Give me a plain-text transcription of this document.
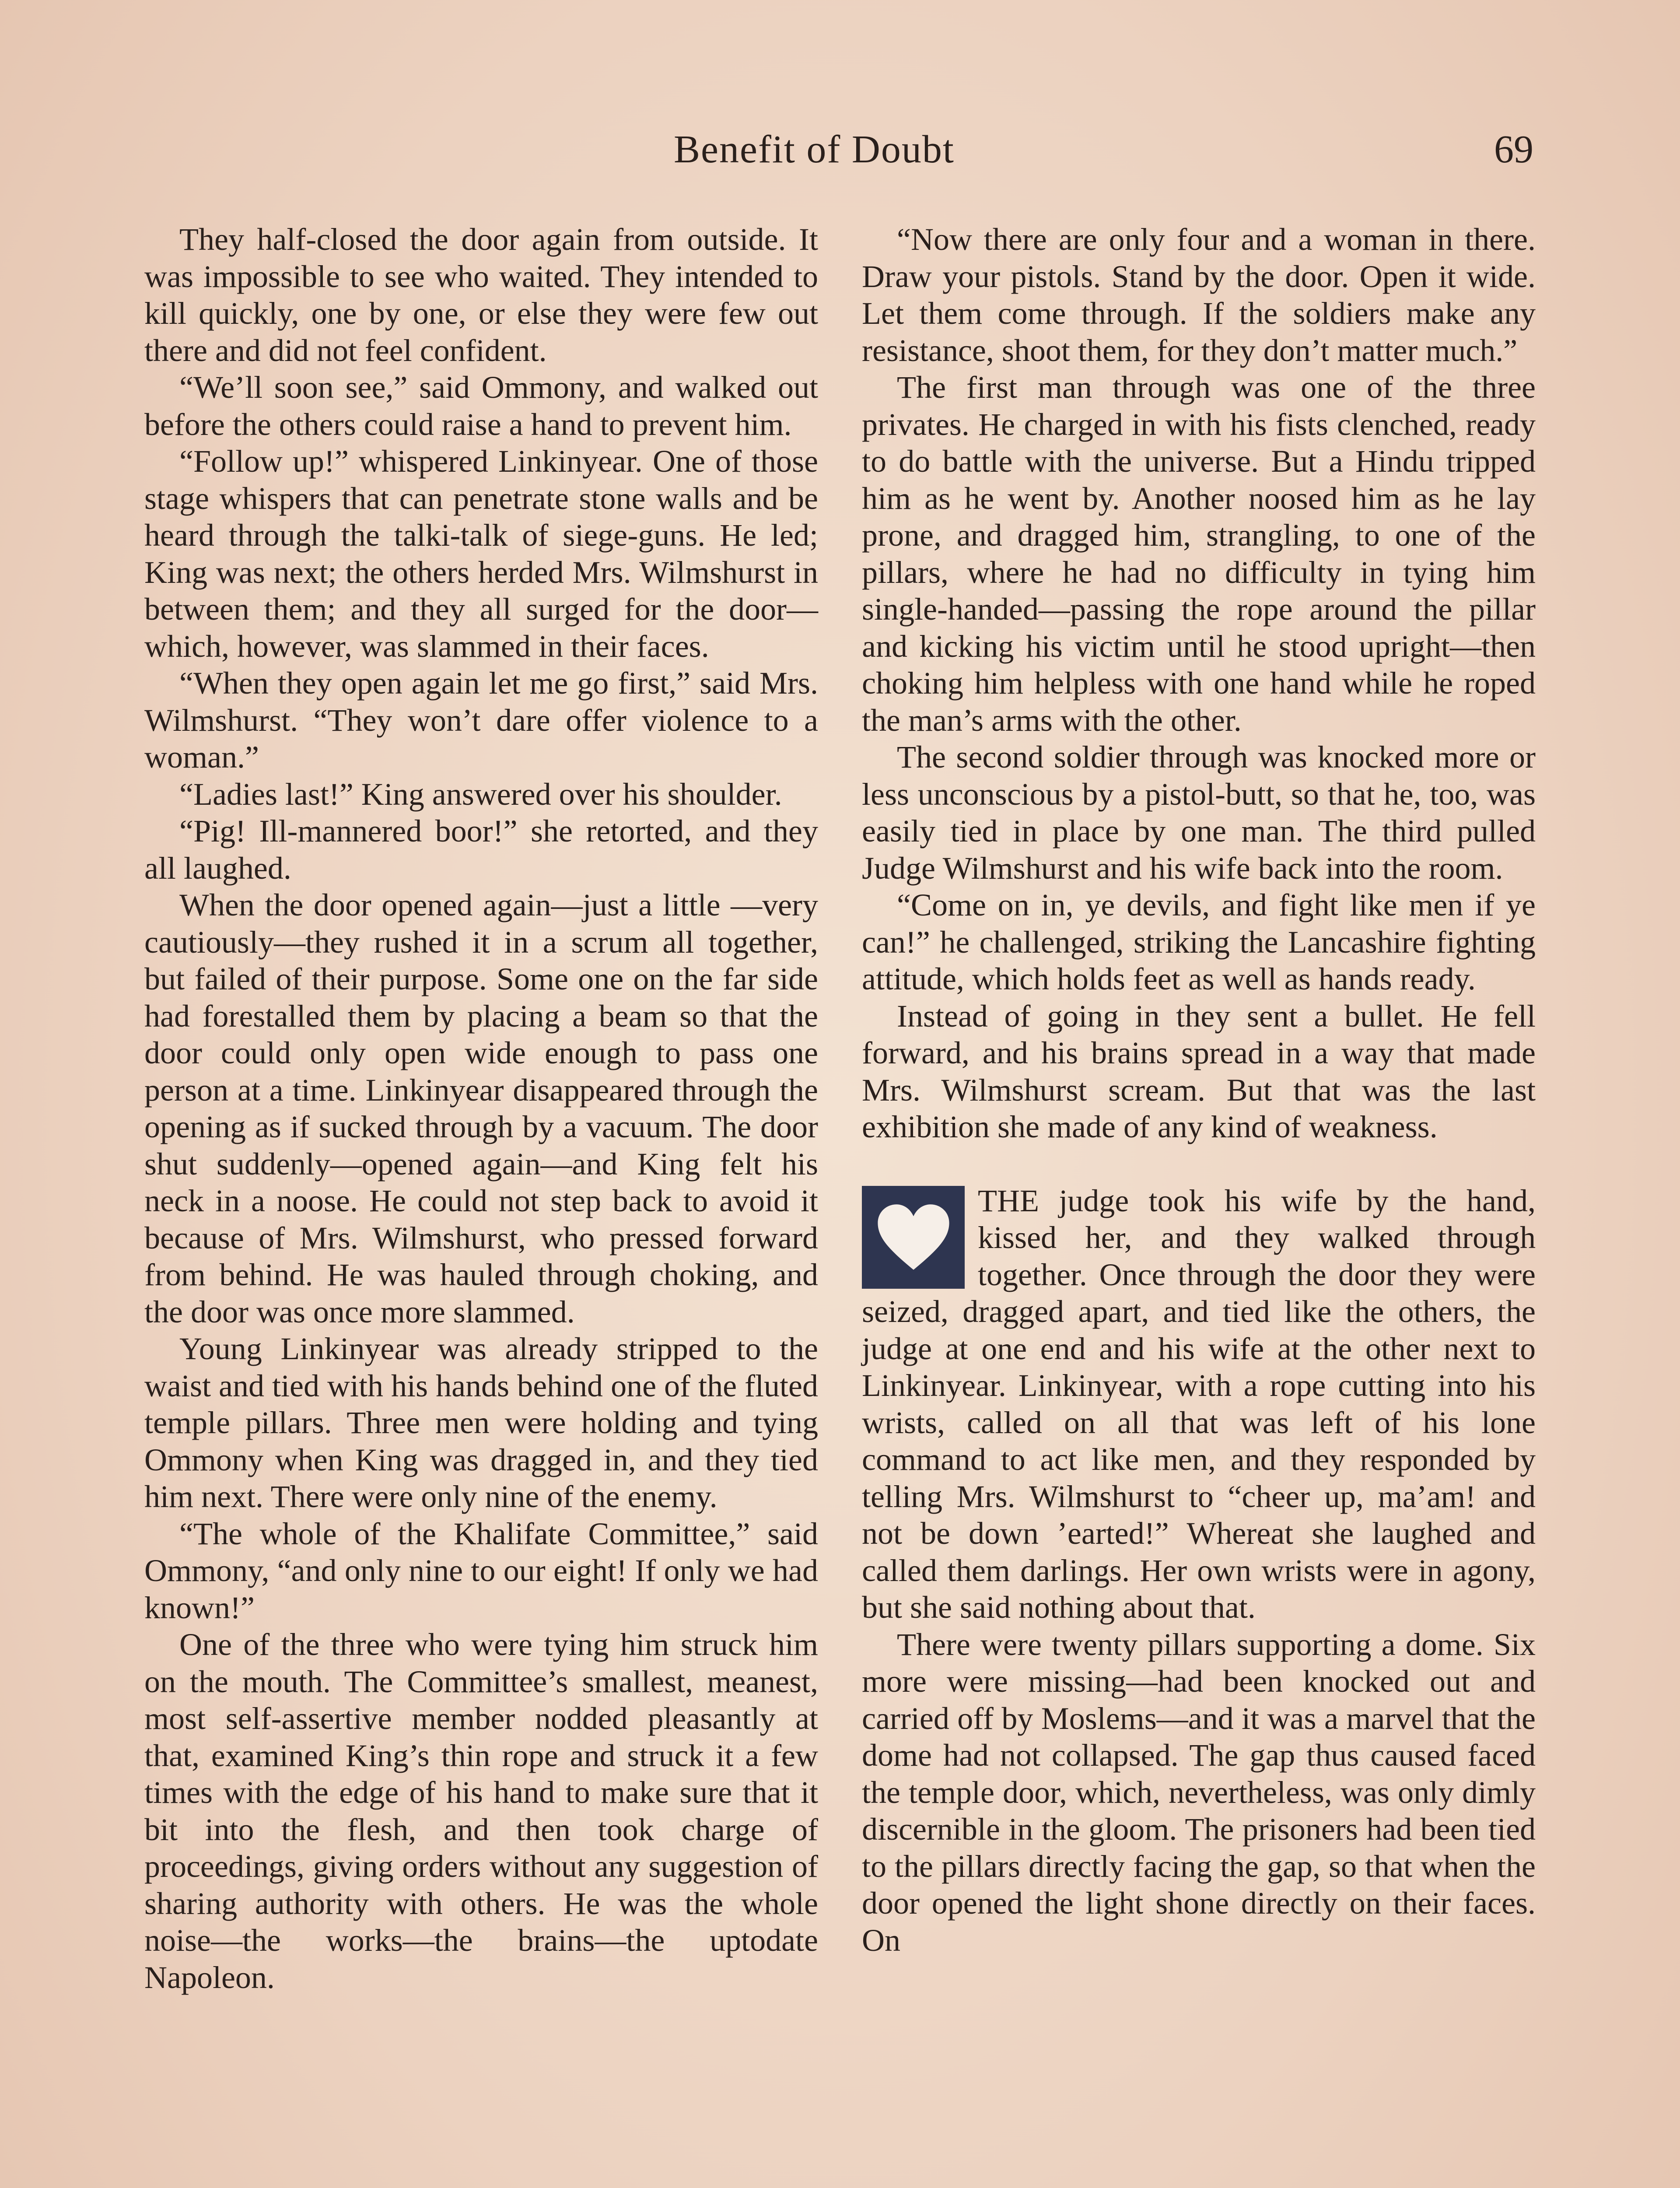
Benefit of Doubt	69

They half-closed the door again from outside. It was impossible to see who waited. They intended to kill quickly, one by one, or else they were few out there and did not feel confident.

“We’ll soon see,” said Ommony, and walked out before the others could raise a hand to prevent him.

“Follow up!” whispered Linkinyear. One of those stage whispers that can penetrate stone walls and be heard through the talki-talk of siege-guns. He led; King was next; the others herded Mrs. Wilmshurst in between them; and they all surged for the door—which, however, was slammed in their faces.

“When they open again let me go first,” said Mrs. Wilmshurst. “They won’t dare offer violence to a woman.”

“Ladies last!” King answered over his shoulder.

“Pig! Ill-mannered boor!” she retorted, and they all laughed.

When the door opened again—just a little —very cautiously—they rushed it in a scrum all together, but failed of their purpose. Some one on the far side had forestalled them by placing a beam so that the door could only open wide enough to pass one person at a time. Linkinyear disappeared through the opening as if sucked through by a vacuum. The door shut suddenly—opened again—and King felt his neck in a noose. He could not step back to avoid it because of Mrs. Wilmshurst, who pressed forward from behind. He was hauled through choking, and the door was once more slammed.

Young Linkinyear was already stripped to the waist and tied with his hands behind one of the fluted temple pillars. Three men were holding and tying Ommony when King was dragged in, and they tied him next. There were only nine of the enemy.

“The whole of the Khalifate Committee,” said Ommony, “and only nine to our eight! If only we had known!”

One of the three who were tying him struck him on the mouth. The Committee’s smallest, meanest, most self-assertive member nodded pleasantly at that, examined King’s thin rope and struck it a few times with the edge of his hand to make sure that it bit into the flesh, and then took charge of proceedings, giving orders without any suggestion of sharing authority with others. He was the whole noise—the works—the brains—the uptodate Napoleon.

“Now there are only four and a woman in there. Draw your pistols. Stand by the door. Open it wide. Let them come through. If the soldiers make any resistance, shoot them, for they don’t matter much.”

The first man through was one of the three privates. He charged in with his fists clenched, ready to do battle with the universe. But a Hindu tripped him as he went by. Another noosed him as he lay prone, and dragged him, strangling, to one of the pillars, where he had no difficulty in tying him single-handed—passing the rope around the pillar and kicking his victim until he stood upright—then choking him helpless with one hand while he roped the man’s arms with the other.

The second soldier through was knocked more or less unconscious by a pistol-butt, so that he, too, was easily tied in place by one man. The third pulled Judge Wilmshurst and his wife back into the room.

“Come on in, ye devils, and fight like men if ye can!” he challenged, striking the Lancashire fighting attitude, which holds feet as well as hands ready.

Instead of going in they sent a bullet. He fell forward, and his brains spread in a way that made Mrs. Wilmshurst scream. But that was the last exhibition she made of any kind of weakness.

THE judge took his wife by the hand, kissed her, and they walked through together. Once through the door they were seized, dragged apart, and tied like the others, the judge at one end and his wife at the other next to Linkinyear. Linkinyear, with a rope cutting into his wrists, called on all that was left of his lone command to act like men, and they responded by telling Mrs. Wilmshurst to “cheer up, ma’am! and not be down ’earted!” Whereat she laughed and called them darlings. Her own wrists were in agony, but she said nothing about that.

There were twenty pillars supporting a dome. Six more were missing—had been knocked out and carried off by Moslems—and it was a marvel that the dome had not collapsed. The gap thus caused faced the temple door, which, nevertheless, was only dimly discernible in the gloom. The prisoners had been tied to the pillars directly facing the gap, so that when the door opened the light shone directly on their faces. On
